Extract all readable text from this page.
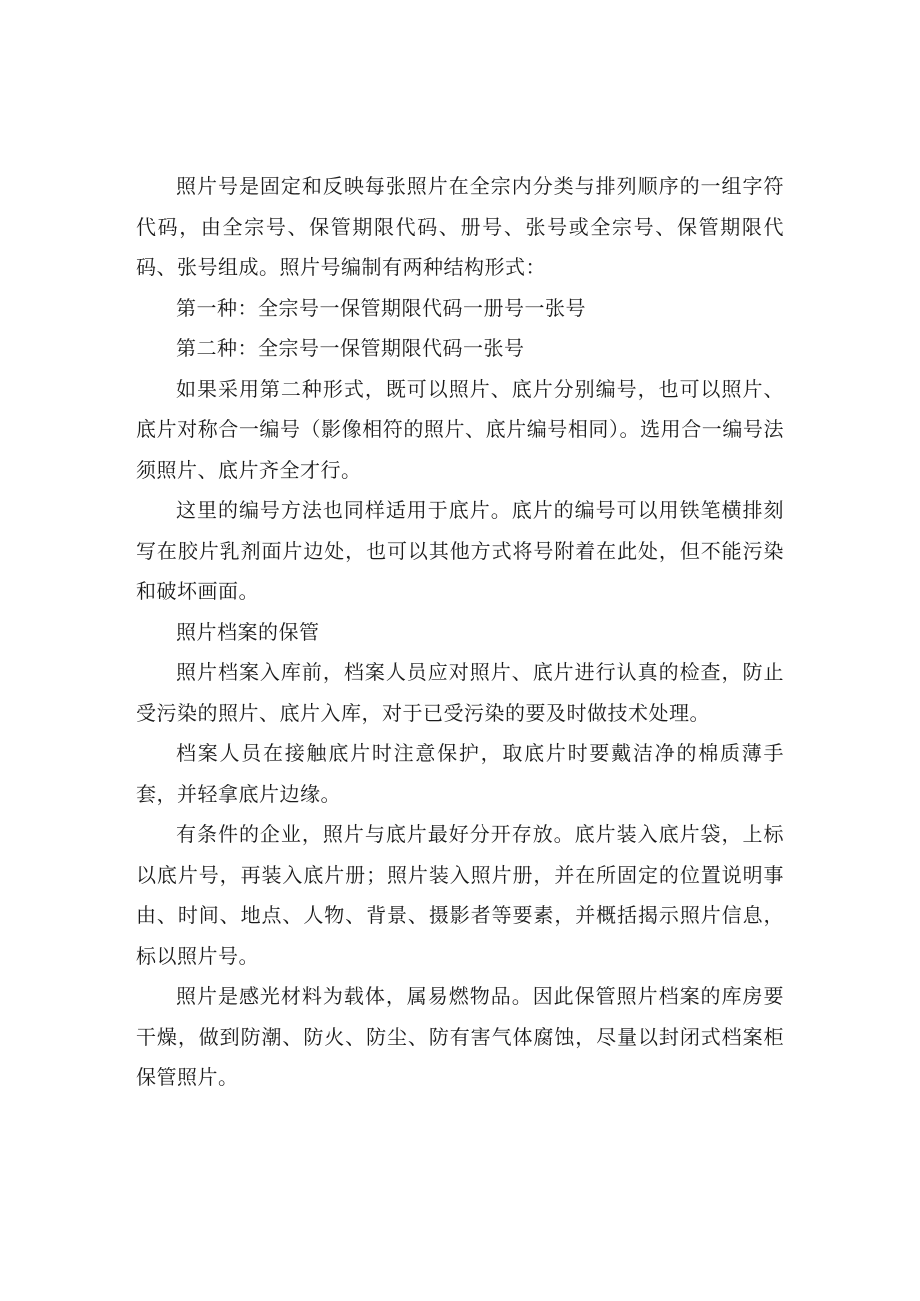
照片号是固定和反映每张照片在全宗内分类与排列顺序的一组字符代码，由全宗号、保管期限代码、册号、张号或全宗号、保管期限代码、张号组成。照片号编制有两种结构形式：

第一种：全宗号一保管期限代码一册号一张号

第二种：全宗号一保管期限代码一张号

如果采用第二种形式，既可以照片、底片分别编号，也可以照片、底片对称合一编号（影像相符的照片、底片编号相同）。选用合一编号法须照片、底片齐全才行。

这里的编号方法也同样适用于底片。底片的编号可以用铁笔横排刻写在胶片乳剂面片边处，也可以其他方式将号附着在此处，但不能污染和破坏画面。

照片档案的保管

照片档案入库前，档案人员应对照片、底片进行认真的检查，防止受污染的照片、底片入库，对于已受污染的要及时做技术处理。

档案人员在接触底片时注意保护，取底片时要戴洁净的棉质薄手套，并轻拿底片边缘。

有条件的企业，照片与底片最好分开存放。底片装入底片袋，上标以底片号，再装入底片册；照片装入照片册，并在所固定的位置说明事由、时间、地点、人物、背景、摄影者等要素，并概括揭示照片信息，标以照片号。

照片是感光材料为载体，属易燃物品。因此保管照片档案的库房要干燥，做到防潮、防火、防尘、防有害气体腐蚀，尽量以封闭式档案柜保管照片。
